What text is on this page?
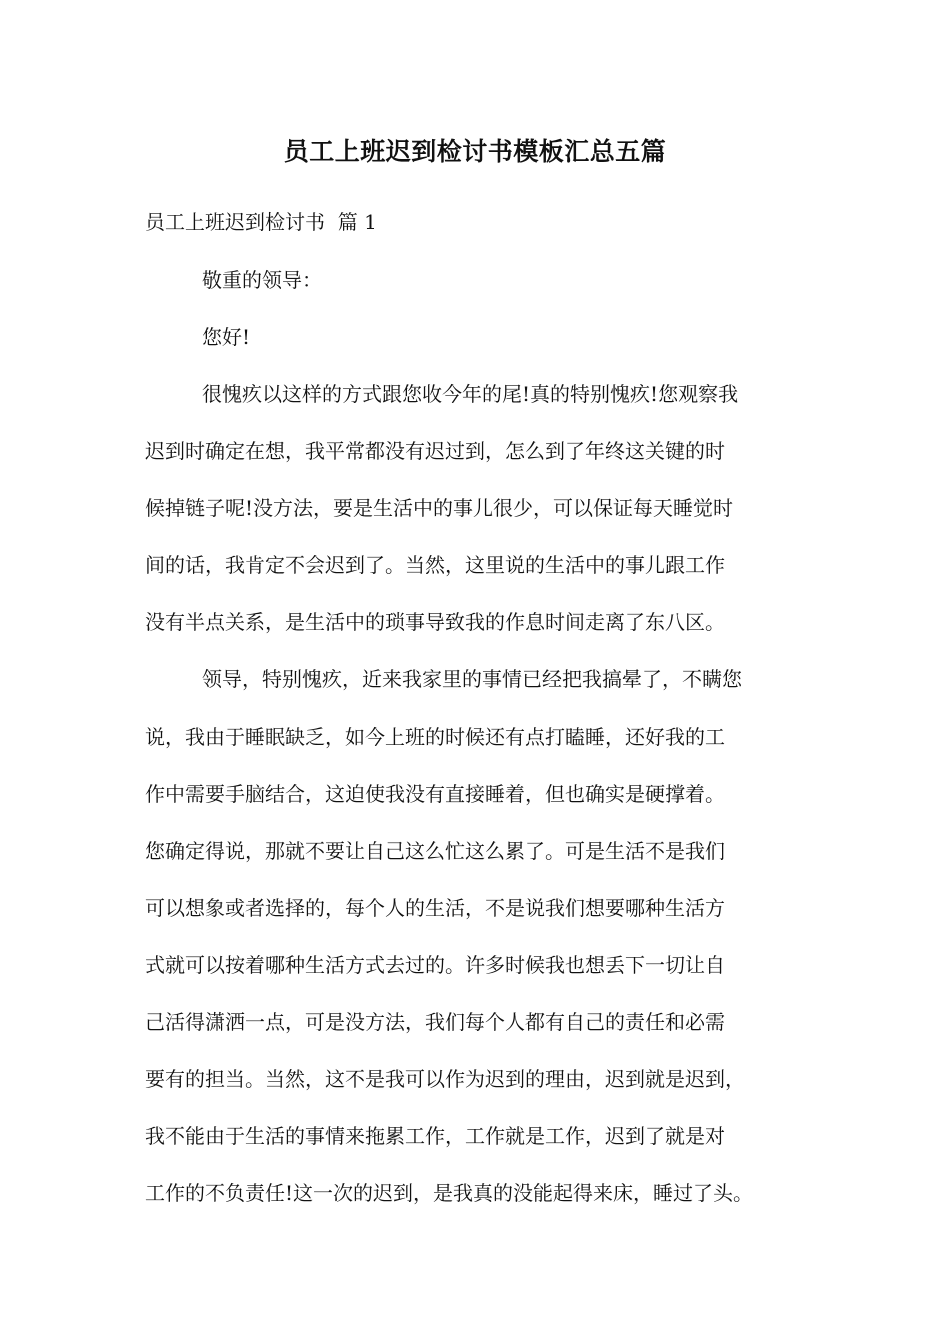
员工上班迟到检讨书模板汇总五篇
员工上班迟到检讨书  篇 1
敬重的领导：
您好!
很愧疚以这样的方式跟您收今年的尾!真的特别愧疚!您观察我
迟到时确定在想，我平常都没有迟过到，怎么到了年终这关键的时
候掉链子呢!没方法，要是生活中的事儿很少，可以保证每天睡觉时
间的话，我肯定不会迟到了。当然，这里说的生活中的事儿跟工作
没有半点关系，是生活中的琐事导致我的作息时间走离了东八区。
领导，特别愧疚，近来我家里的事情已经把我搞晕了，不瞒您
说，我由于睡眠缺乏，如今上班的时候还有点打瞌睡，还好我的工
作中需要手脑结合，这迫使我没有直接睡着，但也确实是硬撑着。
您确定得说，那就不要让自己这么忙这么累了。可是生活不是我们
可以想象或者选择的，每个人的生活，不是说我们想要哪种生活方
式就可以按着哪种生活方式去过的。许多时候我也想丢下一切让自
己活得潇洒一点，可是没方法，我们每个人都有自己的责任和必需
要有的担当。当然，这不是我可以作为迟到的理由，迟到就是迟到，
我不能由于生活的事情来拖累工作，工作就是工作，迟到了就是对
工作的不负责任!这一次的迟到，是我真的没能起得来床，睡过了头。
